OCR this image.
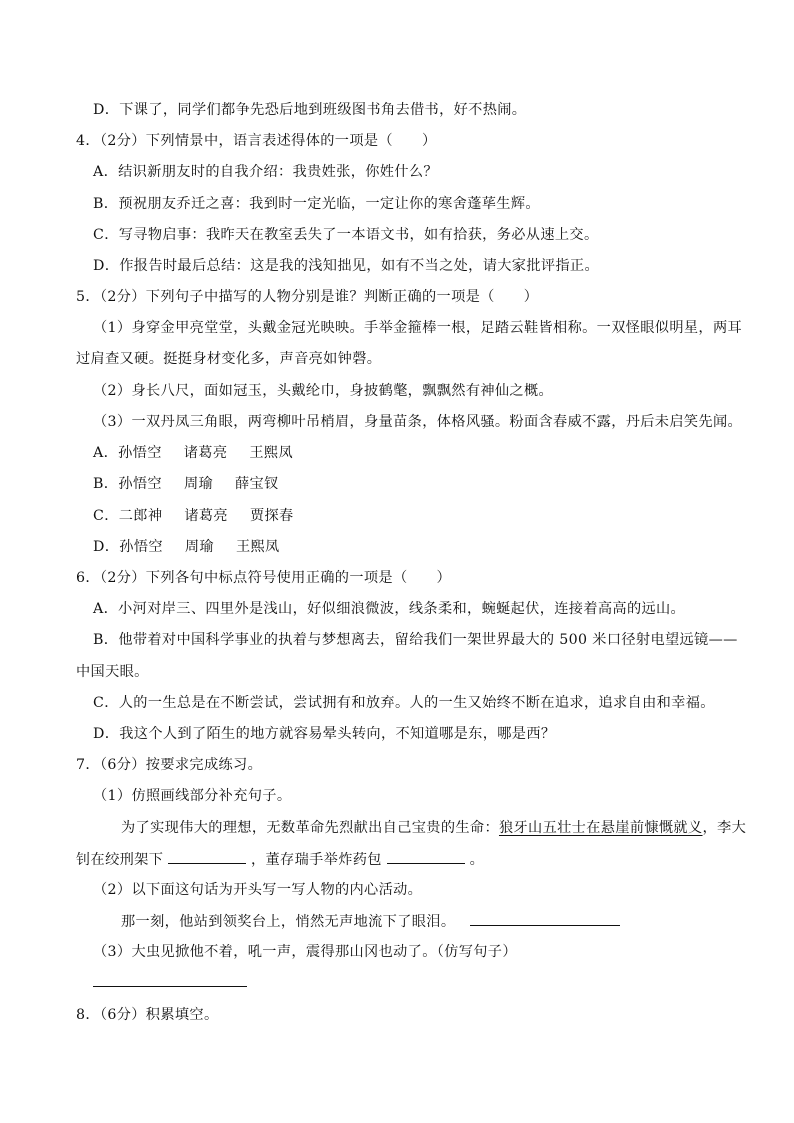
D．下课了，同学们都争先恐后地到班级图书角去借书，好不热闹。
4．（2分）下列情景中，语言表述得体的一项是（　　）
A．结识新朋友时的自我介绍：我贵姓张，你姓什么？
B．预祝朋友乔迁之喜：我到时一定光临，一定让你的寒舍蓬荜生辉。
C．写寻物启事：我昨天在教室丢失了一本语文书，如有拾获，务必从速上交。
D．作报告时最后总结：这是我的浅知拙见，如有不当之处，请大家批评指正。
5．（2分）下列句子中描写的人物分别是谁？判断正确的一项是（　　）
（1）身穿金甲亮堂堂，头戴金冠光映映。手举金箍棒一根，足踏云鞋皆相称。一双怪眼似明星，两耳
过肩查又硬。挺挺身材变化多，声音亮如钟磬。
（2）身长八尺，面如冠玉，头戴纶巾，身披鹤氅，飘飘然有神仙之概。
（3）一双丹凤三角眼，两弯柳叶吊梢眉，身量苗条，体格风骚。粉面含春威不露，丹后未启笑先闻。
A．孙悟空 诸葛亮 王熙凤
B．孙悟空 周瑜 薛宝钗
C．二郎神 诸葛亮 贾探春
D．孙悟空 周瑜 王熙凤
6．（2分）下列各句中标点符号使用正确的一项是（　　）
A．小河对岸三、四里外是浅山，好似细浪微波，线条柔和，蜿蜒起伏，连接着高高的远山。
B．他带着对中国科学事业的执着与梦想离去，留给我们一架世界最大的 500 米口径射电望远镜——
中国天眼。
C．人的一生总是在不断尝试，尝试拥有和放弃。人的一生又始终不断在追求，追求自由和幸福。
D．我这个人到了陌生的地方就容易晕头转向，不知道哪是东，哪是西？
7．（6分）按要求完成练习。
（1）仿照画线部分补充句子。
为了实现伟大的理想，无数革命先烈献出自己宝贵的生命：狼牙山五壮士在悬崖前慷慨就义，李大
钊在绞刑架下	，董存瑞手举炸药包	。
（2）以下面这句话为开头写一写人物的内心活动。
那一刻，他站到领奖台上，悄然无声地流下了眼泪。
（3）大虫见掀他不着，吼一声，震得那山冈也动了。（仿写句子）
8．（6分）积累填空。
